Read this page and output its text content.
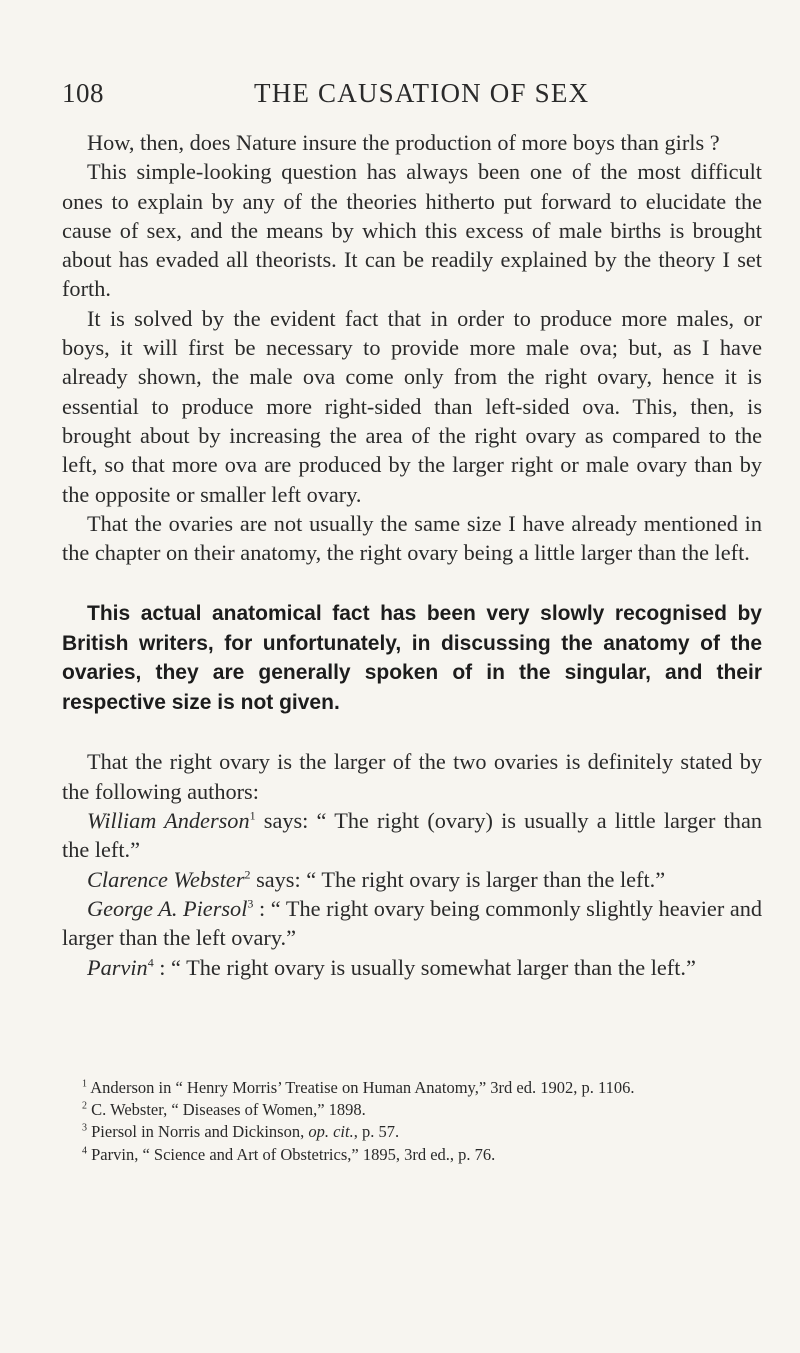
108	THE CAUSATION OF SEX

How, then, does Nature insure the production of more boys than girls ?

This simple-looking question has always been one of the most difficult ones to explain by any of the theories hitherto put forward to elucidate the cause of sex, and the means by which this excess of male births is brought about has evaded all theorists. It can be readily explained by the theory I set forth.

It is solved by the evident fact that in order to produce more males, or boys, it will first be necessary to provide more male ova; but, as I have already shown, the male ova come only from the right ovary, hence it is essential to produce more right-sided than left-sided ova. This, then, is brought about by increasing the area of the right ovary as compared to the left, so that more ova are produced by the larger right or male ovary than by the opposite or smaller left ovary.

That the ovaries are not usually the same size I have already mentioned in the chapter on their anatomy, the right ovary being a little larger than the left.

This actual anatomical fact has been very slowly recognised by British writers, for unfortunately, in discussing the anatomy of the ovaries, they are generally spoken of in the singular, and their respective size is not given.

That the right ovary is the larger of the two ovaries is definitely stated by the following authors:

William Anderson$^1$ says: “ The right (ovary) is usually a little larger than the left.”

Clarence Webster$^2$ says: “ The right ovary is larger than the left.”

George A. Piersol$^3$ : “ The right ovary being commonly slightly heavier and larger than the left ovary.”

Parvin$^4$ : “ The right ovary is usually somewhat larger than the left.”

$^1$ Anderson in “ Henry Morris’ Treatise on Human Anatomy,” 3rd ed. 1902, p. 1106.

$^2$ C. Webster, “ Diseases of Women,” 1898.

$^3$ Piersol in Norris and Dickinson, op. cit., p. 57.

$^4$ Parvin, “ Science and Art of Obstetrics,” 1895, 3rd ed., p. 76.
